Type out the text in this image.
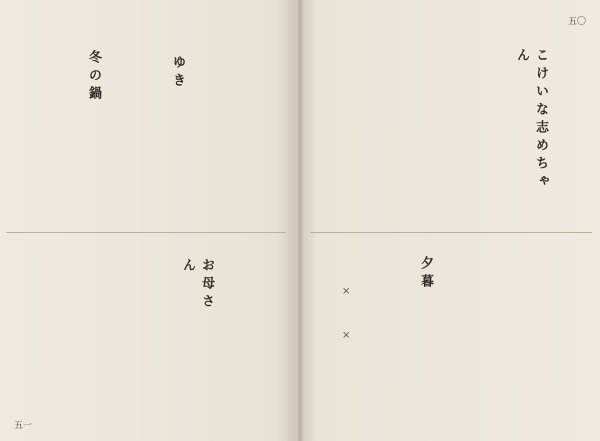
ゆき
冬の鍋
お母さん
五一
こけいな志めちゃん
×
×
夕暮
五〇
